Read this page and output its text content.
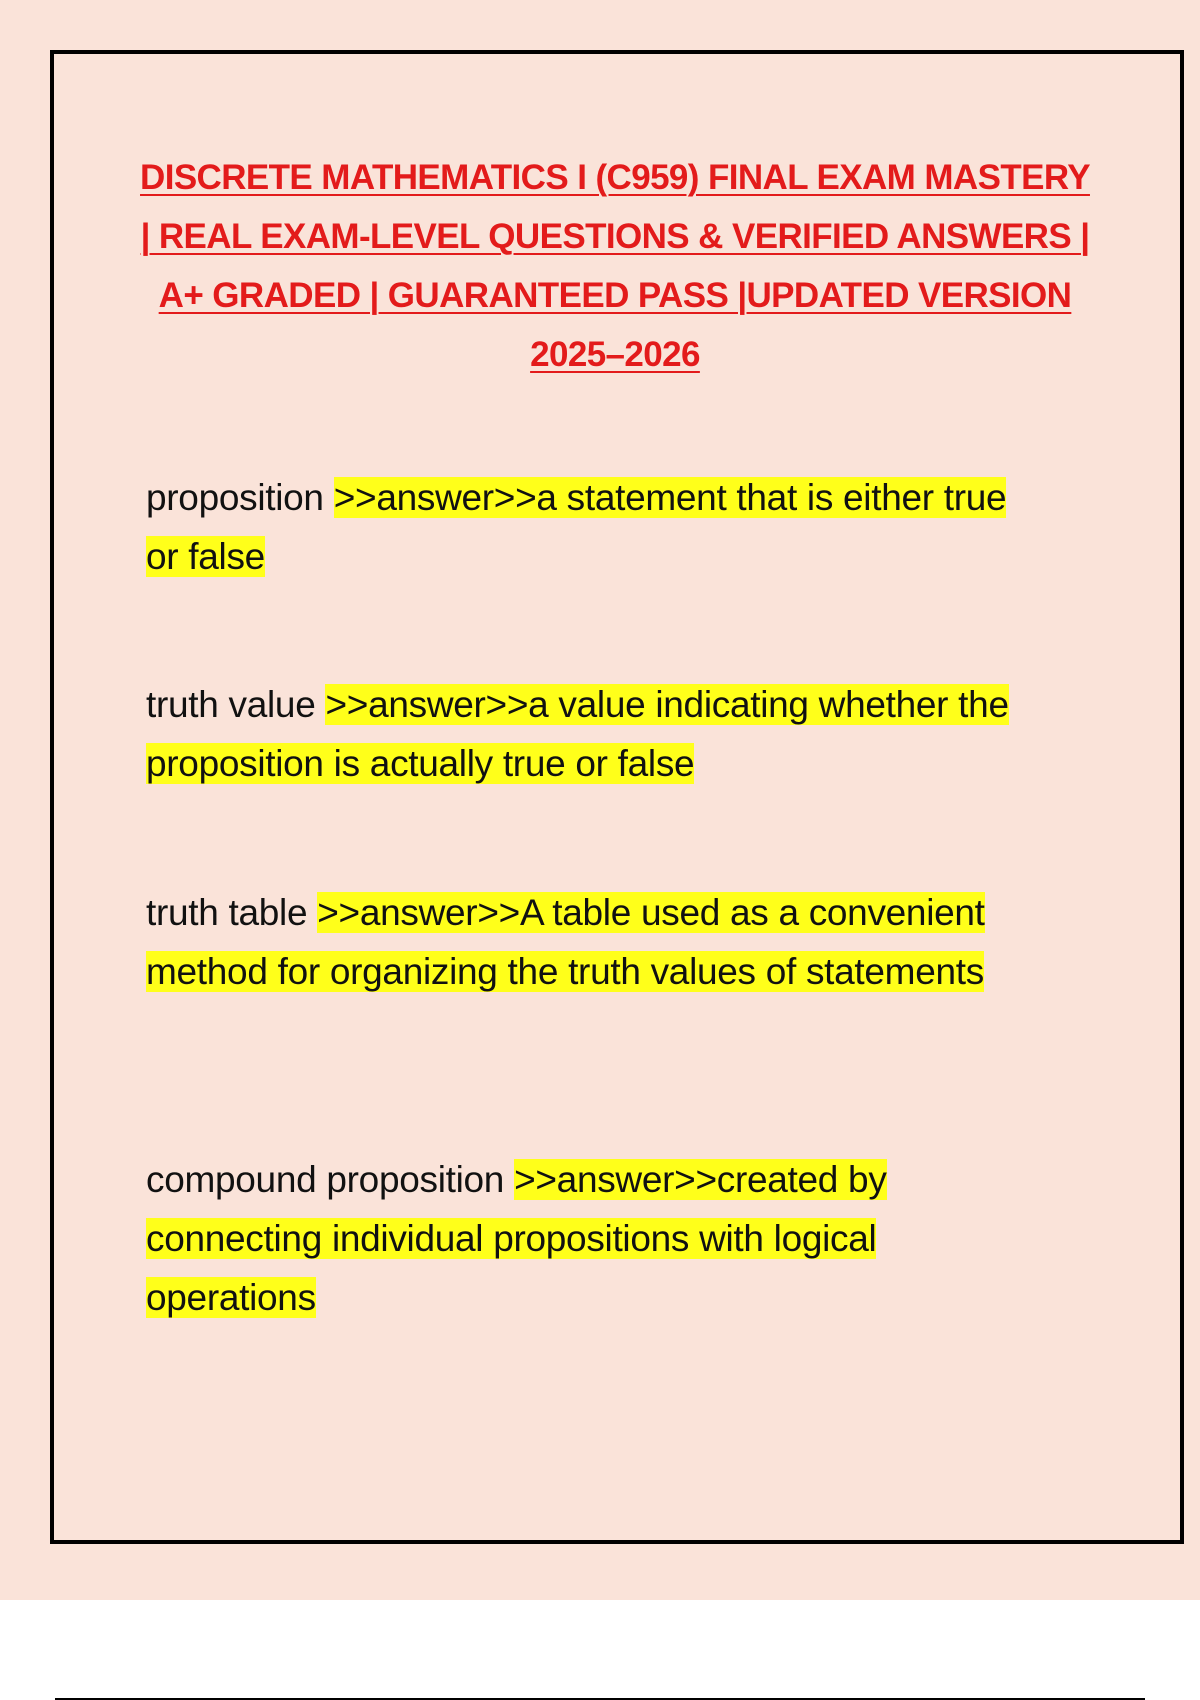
DISCRETE MATHEMATICS I (C959) FINAL EXAM MASTERY | REAL EXAM-LEVEL QUESTIONS & VERIFIED ANSWERS | A+ GRADED | GUARANTEED PASS |UPDATED VERSION 2025–2026

proposition >>answer>>a statement that is either true or false

truth value >>answer>>a value indicating whether the proposition is actually true or false

truth table >>answer>>A table used as a convenient method for organizing the truth values of statements

compound proposition >>answer>>created by connecting individual propositions with logical operations
